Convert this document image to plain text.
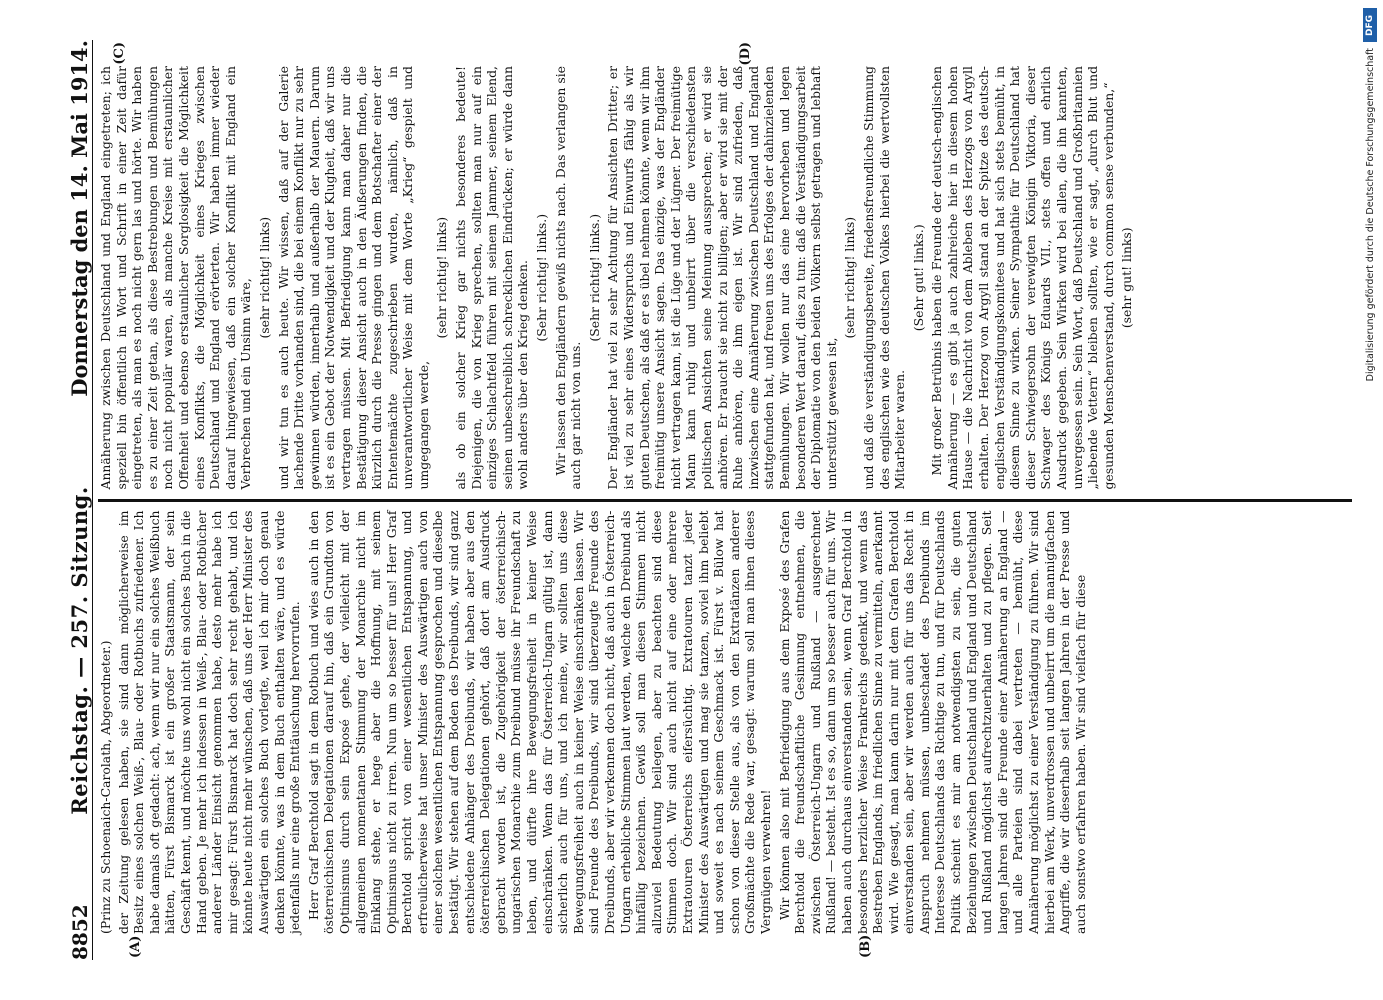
8852
Reichstag. — 257. Sitzung.
Donnerstag den 14. Mai 1914.
(A)	(B)
(Prinz zu Schoenaich-Carolath, Abgeordneter.) der Zeitung gelesen haben, sie sind dann möglicherweise im Besitz eines solchen Weiß-, Blau- oder Rotbuchs zufriedener. Ich habe damals oft gedacht: ach, wenn wir nur ein solches Weißbuch hätten, Fürst Bismarck ist ein großer Staatsmann, der sein Geschäft kennt, und möchte uns wohl nicht ein solches Buch in die Hand geben. Je mehr ich indessen in Weiß-, Blau- oder Rotbücher anderer Länder Einsicht genommen habe, desto mehr habe ich mir gesagt: Fürst Bismarck hat doch sehr recht gehabt, und ich könnte heute nicht mehr wünschen, daß uns der Herr Minister des Auswärtigen ein solches Buch vorlegte, weil ich mir doch genau denken könnte, was in dem Buch enthalten wäre, und es würde jedenfalls nur eine große Enttäuschung hervorrufen. Herr Graf Berchtold sagt in dem Rotbuch und wies auch in den österreichischen Delegationen darauf hin, daß ein Grundton von Optimismus durch sein Exposé gehe, der vielleicht mit der allgemeinen momentanen Stimmung der Monarchie nicht im Einklang stehe, er hege aber die Hoffnung, mit seinem Optimismus nicht zu irren. Nun um so besser für uns! Herr Graf Berchtold spricht von einer wesentlichen Entspannung, und erfreulicherweise hat unser Minister des Auswärtigen auch von einer solchen wesentlichen Entspannung gesprochen und dieselbe bestätigt. Wir stehen auf dem Boden des Dreibunds, wir sind ganz entschiedene Anhänger des Dreibunds, wir haben aber aus den österreichischen Delegationen gehört, daß dort am Ausdruck gebracht worden ist, die Zugehörigkeit der österreichisch-ungarischen Monarchie zum Dreibund müsse ihr Freundschaft zu leben, und dürfte ihre Bewegungsfreiheit in keiner Weise einschränken. Wenn das für Österreich-Ungarn gültig ist, dann sicherlich auch für uns, und ich meine, wir sollten uns diese Bewegungsfreiheit auch in keiner Weise einschränken lassen. Wir sind Freunde des Dreibunds, wir sind überzeugte Freunde des Dreibunds, aber wir verkennen doch nicht, daß auch in Österreich-Ungarn erhebliche Stimmen laut werden, welche den Dreibund als hinfällig bezeichnen. Gewiß soll man diesen Stimmen nicht allzuviel Bedeutung beilegen, aber zu beachten sind diese Stimmen doch. Wir sind auch nicht auf eine oder mehrere Extratouren Österreichs eifersüchtig. Extratouren tanzt jeder Minister des Auswärtigen und mag sie tanzen, soviel ihm beliebt und soweit es nach seinem Geschmack ist. Fürst v. Bülow hat schon von dieser Stelle aus, als von den Extratänzen anderer Großmächte die Rede war, gesagt: warum soll man ihnen dieses Vergnügen verwehren! Wir können also mit Befriedigung aus dem Exposé des Grafen Berchtold die freundschaftliche Gesinnung entnehmen, die zwischen Österreich-Ungarn und Rußland — ausgerechnet Rußland! — besteht. Ist es so, dann um so besser auch für uns. Wir haben auch durchaus einverstanden sein, wenn Graf Berchtold in besonders herzlicher Weise Frankreichs gedenkt, und wenn das Bestreben Englands, im friedlichen Sinne zu vermitteln, anerkannt wird. Wie gesagt, man kann darin nur mit dem Grafen Berchtold einverstanden sein, aber wir werden auch für uns das Recht in Anspruch nehmen müssen, unbeschadet des Dreibunds im Interesse Deutschlands das Richtige zu tun, und für Deutschlands Politik scheint es mir am notwendigsten zu sein, die guten Beziehungen zwischen Deutschland und England und Deutschland und Rußland möglichst aufrechtzuerhalten und zu pflegen. Seit langen Jahren sind die Freunde einer Annäherung an England — und alle Parteien sind dabei vertreten — bemüht, diese Annäherung möglichst zu einer Verständigung zu führen. Wir sind hierbei am Werk, unverdrossen und unbeirrt um die mannigfachen Angriffe, die wir dieserhalb seit langen Jahren in der Presse und auch sonstwo erfahren haben. Wir sind vielfach für diese

(C)	(D)

Annäherung zwischen Deutschland und England eingetreten; ich speziell bin öffentlich in Wort und Schrift in einer Zeit dafür eingetreten, als man es noch nicht gern las und hörte. Wir haben es zu einer Zeit getan, als diese Bestrebungen und Bemühungen noch nicht populär waren, als manche Kreise mit erstaunlicher Offenheit und ebenso erstaunlicher Sorglosigkeit die Möglichkeit eines Konflikts, die Möglichkeit eines Krieges zwischen Deutschland und England erörterten. Wir haben immer wieder darauf hingewiesen, daß ein solcher Konflikt mit England ein Verbrechen und ein Unsinn wäre,

(sehr richtig! links) und wir tun es auch heute. Wir wissen, daß auf der Galerie lachende Dritte vorhanden sind, die bei einem Konflikt nur zu sehr gewinnen würden, innerhalb und außerhalb der Mauern. Darum ist es ein Gebot der Notwendigkeit und der Klugheit, daß wir uns vertragen müssen. Mit Befriedigung kann man daher nur die Bestätigung dieser Ansicht auch in den Äußerungen finden, die kürzlich durch die Presse gingen und dem Botschafter einer der Ententemächte zugeschrieben wurden, nämlich, daß in unverantwortlicher Weise mit dem Worte „Krieg“ gespielt und umgegangen werde,

(sehr richtig! links) als ob ein solcher Krieg gar nichts besonderes bedeute! Diejenigen, die von Krieg sprechen, sollten man nur auf ein einziges Schlachtfeld führen mit seinem Jammer, seinem Elend, seinen unbeschreiblich schrecklichen Eindrücken; er würde dann wohl anders über den Krieg denken. (Sehr richtig! links.) Wir lassen den Engländern gewiß nichts nach. Das verlangen sie auch gar nicht von uns.

(Sehr richtig! links.) Der Engländer hat viel zu sehr Achtung für Ansichten Dritter; er ist viel zu sehr eines Widerspruchs und Einwurfs fähig als wir guten Deutschen, als daß er es übel nehmen könnte, wenn wir ihm freimütig unsere Ansicht sagen. Das einzige, was der Engländer nicht vertragen kann, ist die Lüge und der Lügner. Der freimütige Mann kann ruhig und unbeirrt über die verschiedensten politischen Ansichten seine Meinung aussprechen; er wird sie anhören. Er braucht sie nicht zu billigen; aber er wird sie mit der Ruhe anhören, die ihm eigen ist. Wir sind zufrieden, daß inzwischen eine Annäherung zwischen Deutschland und England stattgefunden hat, und freuen uns des Erfolges der dahinzielenden Bemühungen. Wir wollen nur das eine hervorheben und legen besonderen Wert darauf, dies zu tun: daß die Verständigungsarbeit der Diplomatie von den beiden Völkern selbst getragen und lebhaft unterstützt gewesen ist,

(sehr richtig! links) und daß die verständigungsbereite, friedensfreundliche Stimmung des englischen wie des deutschen Volkes hierbei die wertvollsten Mitarbeiter waren.

(Sehr gut! links.) Mit großer Betrübnis haben die Freunde der deutsch-englischen Annäherung — es gibt ja auch zahlreiche hier in diesem hohen Hause — die Nachricht von dem Ableben des Herzogs von Argyll erhalten. Der Herzog von Argyll stand an der Spitze des deutsch-englischen Verständigungskomitees und hat sich stets bemüht, in diesem Sinne zu wirken. Seiner Sympathie für Deutschland hat dieser Schwiegersohn der verewigten Königin Viktoria, dieser Schwager des Königs Eduards VII., stets offen und ehrlich Ausdruck gegeben. Sein Wirken wird bei allen, die ihn kannten, unvergessen sein. Sein Wort, daß Deutschland und Großbritannien „liebende Vettern“ bleiben sollten, wie er sagt, „durch Blut und gesunden Menschenverstand, durch common sense verbunden,“ (sehr gut! links)

DFG
Digitalisierung gefördert durch die Deutsche Forschungsgemeinschaft
